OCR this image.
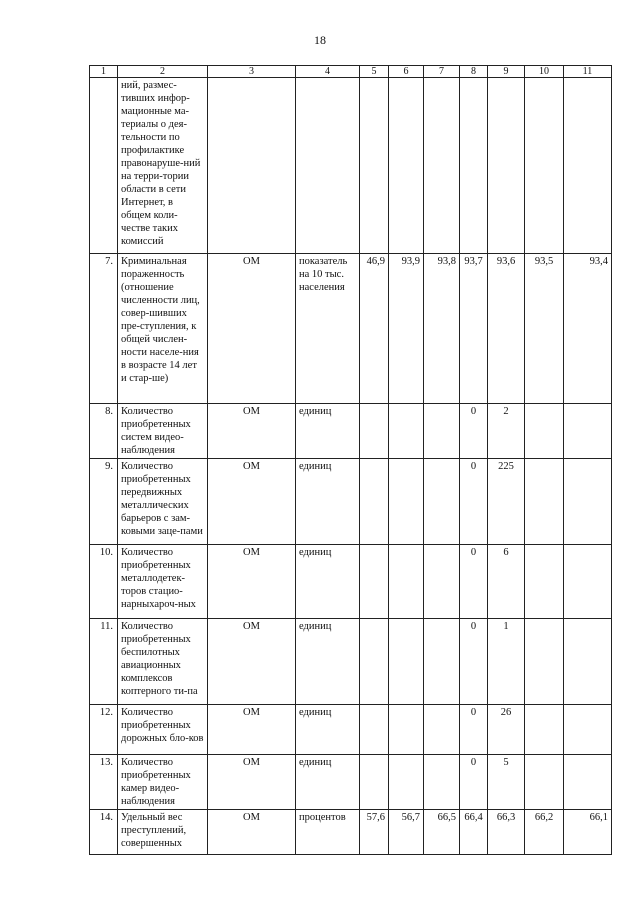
18
1	2	3	4	5	6	7	8	9	10	11
	ний, размес-тивших инфор-мационные ма-териалы о дея-тельности по профилактике правонаруше-ний на терри-тории области в сети Интернет, в общем коли-честве таких комиссий									
7.	Криминальная пораженность (отношение численности лиц, совер-шивших пре-ступления, к общей числен-ности населе-ния в возрасте 14 лет и стар-ше)	ОМ	показатель на 10 тыс. населения	46,9	93,9	93,8	93,7	93,6	93,5	93,4
8.	Количество приобретенных систем видео-наблюдения	ОМ	единиц				0	2		
9.	Количество приобретенных передвижных металлических барьеров с зам-ковыми заце-пами	ОМ	единиц				0	225		
10.	Количество приобретенных металлодетек-торов стацио-нарныхароч-ных	ОМ	единиц				0	6		
11.	Количество приобретенных беспилотных авиационных комплексов коптерного ти-па	ОМ	единиц				0	1		
12.	Количество приобретенных дорожных бло-ков	ОМ	единиц				0	26		
13.	Количество приобретенных камер видео-наблюдения	ОМ	единиц				0	5		
14.	Удельный вес преступлений, совершенных	ОМ	процентов	57,6	56,7	66,5	66,4	66,3	66,2	66,1
